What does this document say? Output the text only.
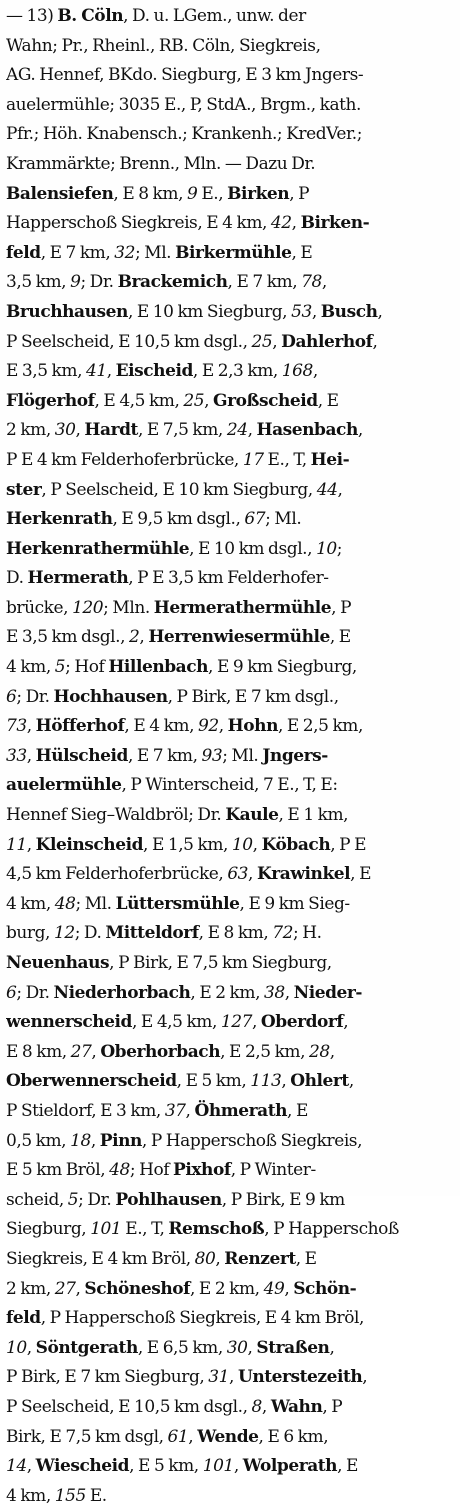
— 13) B. Cöln, D. u. LGem., unw. der
Wahn; Pr., Rheinl., RB. Cöln, Siegkreis,
AG. Hennef, BKdo. Siegburg, E 3 km Jngers-
auelermühle; 3035 E., P, StdA., Brgm., kath.
Pfr.; Höh. Knabensch.; Krankenh.; KredVer.;
Krammärkte; Brenn., Mln. — Dazu Dr.
Balensiefen, E 8 km, 9 E., Birken, P
Happerschoß Siegkreis, E 4 km, 42, Birken-
feld, E 7 km, 32; Ml. Birkermühle, E
3,5 km, 9; Dr. Brackemich, E 7 km, 78,
Bruchhausen, E 10 km Siegburg, 53, Busch,
P Seelscheid, E 10,5 km dsgl., 25, Dahlerhof,
E 3,5 km, 41, Eischeid, E 2,3 km, 168,
Flögerhof, E 4,5 km, 25, Großscheid, E
2 km, 30, Hardt, E 7,5 km, 24, Hasenbach,
P E 4 km Felderhoferbrücke, 17 E., T, Hei-
ster, P Seelscheid, E 10 km Siegburg, 44,
Herkenrath, E 9,5 km dsgl., 67; Ml.
Herkenrathermühle, E 10 km dsgl., 10;
D. Hermerath, P E 3,5 km Felderhofer-
brücke, 120; Mln. Hermerathermühle, P
E 3,5 km dsgl., 2, Herrenwiesermühle, E
4 km, 5; Hof Hillenbach, E 9 km Siegburg,
6; Dr. Hochhausen, P Birk, E 7 km dsgl.,
73, Höfferhof, E 4 km, 92, Hohn, E 2,5 km,
33, Hülscheid, E 7 km, 93; Ml. Jngers-
auelermühle, P Winterscheid, 7 E., T, E:
Hennef Sieg–Waldbröl; Dr. Kaule, E 1 km,
11, Kleinscheid, E 1,5 km, 10, Köbach, P E
4,5 km Felderhoferbrücke, 63, Krawinkel, E
4 km, 48; Ml. Lüttersmühle, E 9 km Sieg-
burg, 12; D. Mitteldorf, E 8 km, 72; H.
Neuenhaus, P Birk, E 7,5 km Siegburg,
6; Dr. Niederhorbach, E 2 km, 38, Nieder-
wennerscheid, E 4,5 km, 127, Oberdorf,
E 8 km, 27, Oberhorbach, E 2,5 km, 28,
Oberwennerscheid, E 5 km, 113, Ohlert,
P Stieldorf, E 3 km, 37, Öhmerath, E
0,5 km, 18, Pinn, P Happerschoß Siegkreis,
E 5 km Bröl, 48; Hof Pixhof, P Winter-
scheid, 5; Dr. Pohlhausen, P Birk, E 9 km
Siegburg, 101 E., T, Remschoß, P Happerschoß
Siegkreis, E 4 km Bröl, 80, Renzert, E
2 km, 27, Schöneshof, E 2 km, 49, Schön-
feld, P Happerschoß Siegkreis, E 4 km Bröl,
10, Söntgerath, E 6,5 km, 30, Straßen,
P Birk, E 7 km Siegburg, 31, Unterstezeith,
P Seelscheid, E 10,5 km dsgl., 8, Wahn, P
Birk, E 7,5 km dsgl, 61, Wende, E 6 km,
14, Wiescheid, E 5 km, 101, Wolperath, E
4 km, 155 E.
